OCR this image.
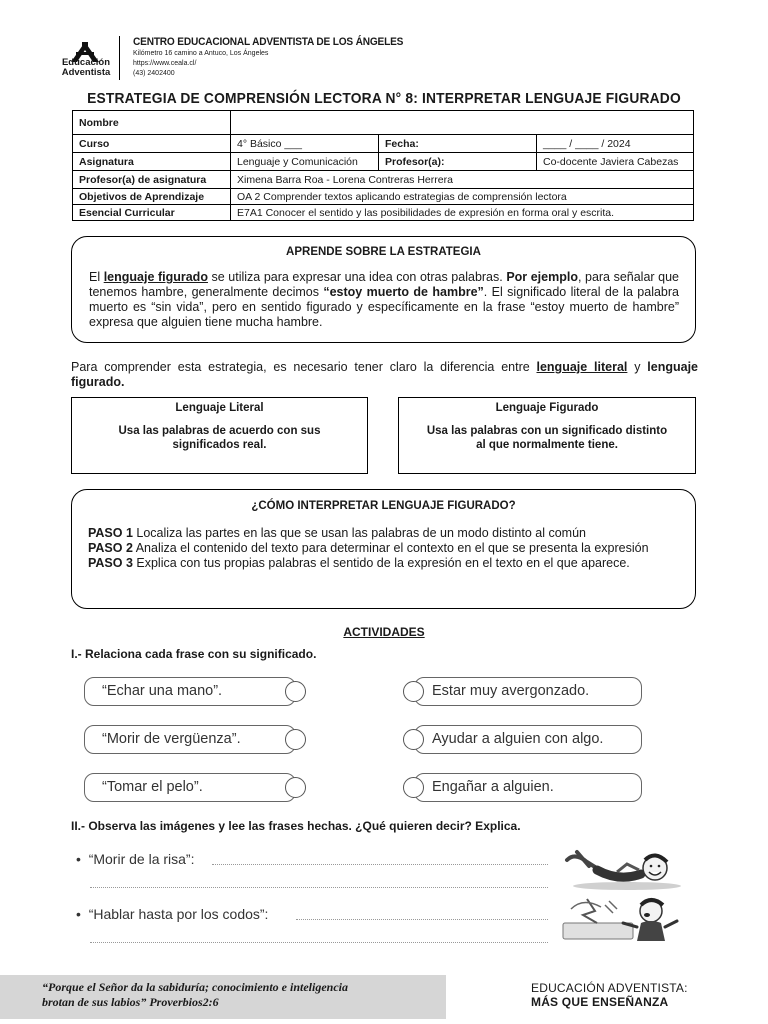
Educación
Adventista
CENTRO EDUCACIONAL ADVENTISTA DE LOS ÁNGELES
Kilómetro 16 camino a Antuco, Los Ángeles
https://www.ceala.cl/
(43) 2402400
ESTRATEGIA DE COMPRENSIÓN LECTORA N° 8: INTERPRETAR LENGUAJE FIGURADO
Nombre			
Curso	4° Básico ___	Fecha:	____ / ____ / 2024
Asignatura	Lenguaje y Comunicación	Profesor(a):	Co-docente Javiera Cabezas
Profesor(a) de asignatura	Ximena Barra Roa - Lorena Contreras Herrera		
Objetivos de Aprendizaje	OA 2 Comprender textos aplicando estrategias de comprensión lectora		
Esencial Curricular	E7A1 Conocer el sentido y las posibilidades de expresión en forma oral y escrita.		
APRENDE SOBRE LA ESTRATEGIA
El lenguaje figurado se utiliza para expresar una idea con otras palabras. Por ejemplo, para señalar que tenemos hambre, generalmente decimos “estoy muerto de hambre”. El significado literal de la palabra muerto es “sin vida”, pero en sentido figurado y específicamente en la frase “estoy muerto de hambre” expresa que alguien tiene mucha hambre.
Para comprender esta estrategia, es necesario tener claro la diferencia entre lenguaje literal y lenguaje figurado.
Lenguaje Literal
Usa las palabras de acuerdo con sus significados real.
Lenguaje Figurado
Usa las palabras con un significado distinto al que normalmente tiene.
¿CÓMO INTERPRETAR LENGUAJE FIGURADO?
PASO 1 Localiza las partes en las que se usan las palabras de un modo distinto al común
PASO 2 Analiza el contenido del texto para determinar el contexto en el que se presenta la expresión
PASO 3 Explica con tus propias palabras el sentido de la expresión en el texto en el que aparece.
ACTIVIDADES
I.- Relaciona cada frase con su significado.
“Echar una mano”.
“Morir de vergüenza”.
“Tomar el pelo”.
Estar muy avergonzado.
Ayudar a alguien con algo.
Engañar a alguien.
II.- Observa las imágenes y lee las frases hechas. ¿Qué quieren decir? Explica.
•  “Morir de la risa”:
•  “Hablar hasta por los codos”:
“Porque el Señor da la sabiduría; conocimiento e inteligencia
brotan de sus labios” Proverbios2:6
EDUCACIÓN ADVENTISTA:
MÁS QUE ENSEÑANZA
